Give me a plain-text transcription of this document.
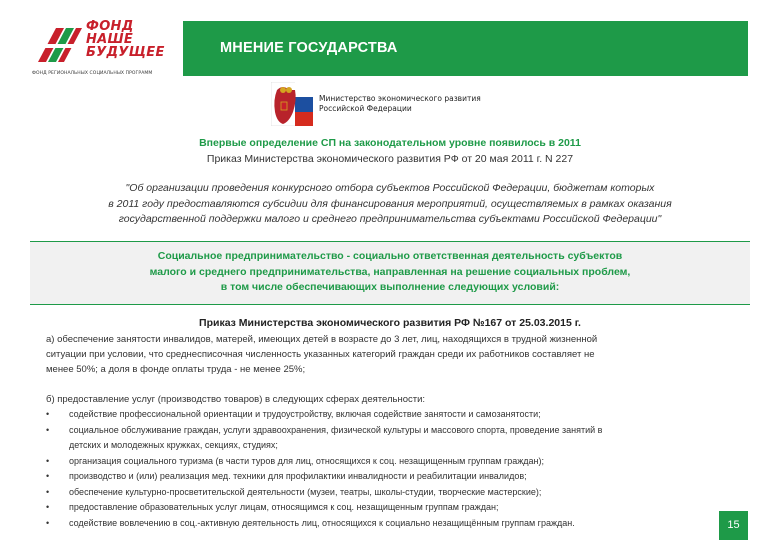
ФОНД
НАШЕ
БУДУЩЕЕ
ФОНД РЕГИОНАЛЬНЫХ СОЦИАЛЬНЫХ ПРОГРАММ
МНЕНИЕ ГОСУДАРСТВА
Министерство экономического развития
Российской Федерации
Впервые определение СП на законодательном уровне появилось в 2011
Приказ Министерства экономического развития РФ от 20 мая 2011 г. N 227
"Об организации проведения конкурсного отбора субъектов Российской Федерации, бюджетам которых
в 2011 году предоставляются субсидии для финансирования мероприятий, осуществляемых в рамках оказания
государственной поддержки малого и среднего предпринимательства субъектами Российской Федерации"
Социальное предпринимательство - социально ответственная деятельность субъектов
малого и среднего предпринимательства, направленная на решение социальных проблем,
в том числе обеспечивающих выполнение следующих условий:
Приказ Министерства экономического развития РФ №167 от 25.03.2015 г.
а) обеспечение занятости инвалидов, матерей, имеющих детей в возрасте до 3 лет, лиц, находящихся в трудной жизненной
ситуации при условии, что среднесписочная численность указанных категорий граждан среди их работников составляет не
менее 50%; а доля в фонде оплаты труда - не менее 25%;
б) предоставление услуг (производство товаров) в следующих сферах деятельности:
• содействие профессиональной ориентации и трудоустройству, включая содействие занятости и самозанятости;
• социальное обслуживание граждан, услуги здравоохранения, физической культуры и массового спорта, проведение занятий в
детских и молодежных кружках, секциях, студиях;
• организация социального туризма (в части туров для лиц, относящихся к соц. незащищенным группам граждан);
• производство и (или) реализация мед. техники для профилактики инвалидности и реабилитации инвалидов;
• обеспечение культурно-просветительской деятельности (музеи, театры, школы-студии, творческие мастерские);
• предоставление образовательных услуг лицам, относящимся к соц. незащищенным группам граждан;
• содействие вовлечению в соц.-активную деятельность лиц, относящихся к социально незащищённым группам граждан.	15
